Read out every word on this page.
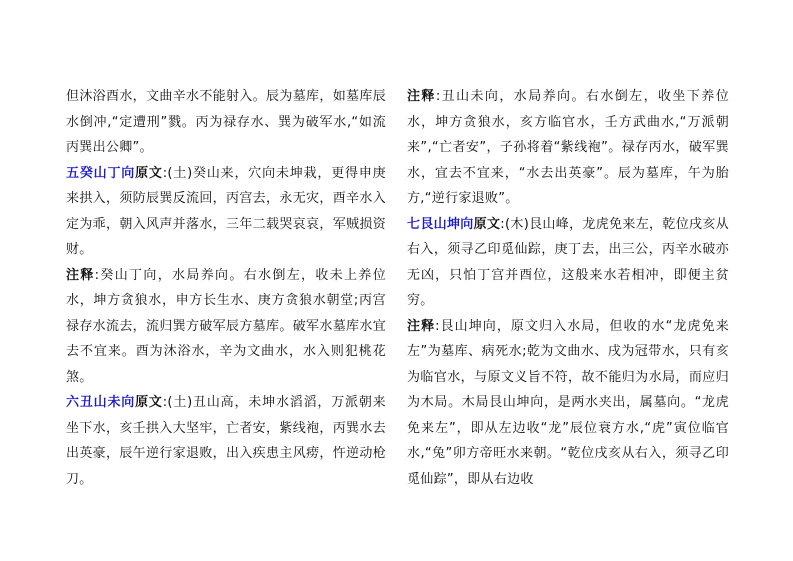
但沐浴酉水，文曲辛水不能射入。辰为墓库，如墓库辰水倒冲,“定遭刑”戮。丙为禄存水、巽为破军水,“如流丙巽出公卿”。

五癸山丁向原文:(土)癸山来，穴向未坤栽，更得申庚来拱入，须防辰巽反流回，丙宫去，永无灾，酉辛水入定为乖，朝入风声并落水，三年二载哭哀哀，军贼损资财。

注释:癸山丁向，水局养向。右水倒左，收未上养位水，坤方贪狼水，申方长生水、庚方贪狼水朝堂;丙宫禄存水流去，流归巽方破军辰方墓库。破军水墓库水宜去不宜来。酉为沐浴水，辛为文曲水，水入则犯桃花煞。

六丑山未向原文:(土)丑山高，未坤水滔滔，万派朝来坐下水，亥壬拱入大坚牢，亡者安，紫线袍，丙巽水去出英豪，辰午逆行家退败，出入疾患主风痨，忤逆动枪刀。

注释:丑山未向，水局养向。右水倒左，收坐下养位水，坤方贪狼水，亥方临官水，壬方武曲水,“万派朝来”,“亡者安”，子孙将着“紫线袍”。禄存丙水，破军巽水，宜去不宜来，“水去出英豪”。辰为墓库，午为胎方,“逆行家退败”。

七艮山坤向原文:(木)艮山峰，龙虎免来左，乾位戌亥从右入，须寻乙印觅仙踪，庚丁去，出三公，丙辛水破亦无凶，只怕丁宫并酉位，这般来水若相冲，即便主贫穷。

注释:艮山坤向，原文归入水局，但收的水“龙虎免来左”为墓库、病死水;乾为文曲水、戌为冠带水，只有亥为临官水，与原文义旨不符，故不能归为水局，而应归为木局。木局艮山坤向，是两水夹出，属墓向。“龙虎免来左”，即从左边收“龙”辰位衰方水,“虎”寅位临官水,“兔”卯方帝旺水来朝。“乾位戌亥从右入，须寻乙印觅仙踪”，即从右边收
